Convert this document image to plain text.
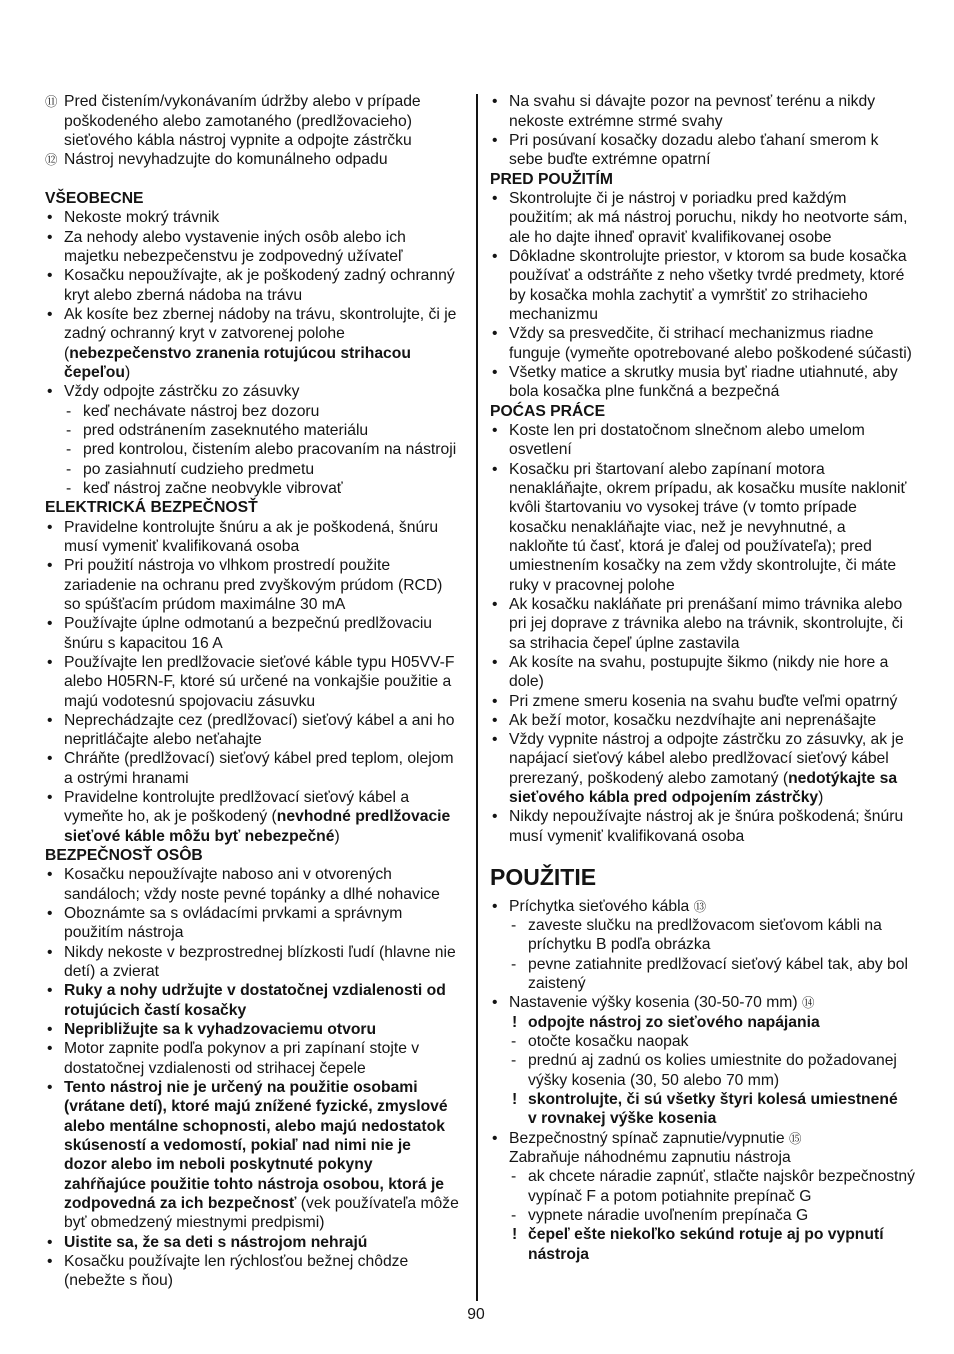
⑪ Pred čistením/vykonávaním údržby alebo v prípade
poškodeného alebo zamotaného (predlžovacieho)
sieťového kábla nástroj vypnite a odpojte zástrčku
⑫ Nástroj nevyhadzujte do komunálneho odpadu
VŠEOBECNE
• Nekoste mokrý trávnik
• Za nehody alebo vystavenie iných osôb alebo ich
majetku nebezpečenstvu je zodpovedný užívateľ
• Kosačku nepoužívajte, ak je poškodený zadný ochranný
kryt alebo zberná nádoba na trávu
• Ak kosíte bez zbernej nádoby na trávu, skontrolujte, či je
zadný ochranný kryt v zatvorenej polohe
(nebezpečenstvo zranenia rotujúcou strihacou
čepeľou)
• Vždy odpojte zástrčku zo zásuvky
- keď nechávate nástroj bez dozoru
- pred odstránením zaseknutého materiálu
- pred kontrolou, čistením alebo pracovaním na nástroji
- po zasiahnutí cudzieho predmetu
- keď nástroj začne neobvykle vibrovať
ELEKTRICKÁ BEZPEČNOSŤ
• Pravidelne kontrolujte šnúru a ak je poškodená, šnúru
musí vymeniť kvalifikovaná osoba
• Pri použití nástroja vo vlhkom prostredí použite
zariadenie na ochranu pred zvyškovým prúdom (RCD)
so spúšťacím prúdom maximálne 30 mA
• Používajte úplne odmotanú a bezpečnú predlžovaciu
šnúru s kapacitou 16 A
• Používajte len predlžovacie sieťové káble typu H05VV-F
alebo H05RN-F, ktoré sú určené na vonkajšie použitie a
majú vodotesnú spojovaciu zásuvku
• Neprechádzajte cez (predlžovací) sieťový kábel a ani ho
nepritláčajte alebo neťahajte
• Chráňte (predlžovací) sieťový kábel pred teplom, olejom
a ostrými hranami
• Pravidelne kontrolujte predlžovací sieťový kábel a
vymeňte ho, ak je poškodený (nevhodné predlžovacie
sieťové káble môžu byť nebezpečné)
BEZPEČNOSŤ OSÔB
• Kosačku nepoužívajte naboso ani v otvorených
sandáloch; vždy noste pevné topánky a dlhé nohavice
• Oboznámte sa s ovládacími prvkami a správnym
použitím nástroja
• Nikdy nekoste v bezprostrednej blízkosti ľudí (hlavne nie
detí) a zvierat
• Ruky a nohy udržujte v dostatočnej vzdialenosti od
rotujúcich častí kosačky
• Nepribližujte sa k vyhadzovaciemu otvoru
• Motor zapnite podľa pokynov a pri zapínaní stojte v
dostatočnej vzdialenosti od strihacej čepele
• Tento nástroj nie je určený na použitie osobami
(vrátane detí), ktoré majú znížené fyzické, zmyslové
alebo mentálne schopnosti, alebo majú nedostatok
skúseností a vedomostí, pokiaľ nad nimi nie je
dozor alebo im neboli poskytnuté pokyny
zahŕňajúce použitie tohto nástroja osobou, ktorá je
zodpovedná za ich bezpečnosť (vek používateľa môže
byť obmedzený miestnymi predpismi)
• Uistite sa, že sa deti s nástrojom nehrajú
• Kosačku používajte len rýchlosťou bežnej chôdze
(nebežte s ňou)
• Na svahu si dávajte pozor na pevnosť terénu a nikdy
nekoste extrémne strmé svahy
• Pri posúvaní kosačky dozadu alebo ťahaní smerom k
sebe buďte extrémne opatrní
PRED POUŽITÍM
• Skontrolujte či je nástroj v poriadku pred každým
použitím; ak má nástroj poruchu, nikdy ho neotvorte sám,
ale ho dajte ihneď opraviť kvalifikovanej osobe
• Dôkladne skontrolujte priestor, v ktorom sa bude kosačka
používať a odstráňte z neho všetky tvrdé predmety, ktoré
by kosačka mohla zachytiť a vymrštiť zo strihacieho
mechanizmu
• Vždy sa presvedčite, či strihací mechanizmus riadne
funguje (vymeňte opotrebované alebo poškodené súčasti)
• Všetky matice a skrutky musia byť riadne utiahnuté, aby
bola kosačka plne funkčná a bezpečná
POĆAS PRÁCE
• Koste len pri dostatočnom slnečnom alebo umelom
osvetlení
• Kosačku pri štartovaní alebo zapínaní motora
nenakláňajte, okrem prípadu, ak kosačku musíte nakloniť
kvôli štartovaniu vo vysokej tráve (v tomto prípade
kosačku nenakláňajte viac, než je nevyhnutné, a
nakloňte tú časť, ktorá je ďalej od používateľa); pred
umiestnením kosačky na zem vždy skontrolujte, či máte
ruky v pracovnej polohe
• Ak kosačku nakláňate pri prenášaní mimo trávnika alebo
pri jej doprave z trávnika alebo na trávnik, skontrolujte, či
sa strihacia čepeľ úplne zastavila
• Ak kosíte na svahu, postupujte šikmo (nikdy nie hore a
dole)
• Pri zmene smeru kosenia na svahu buďte veľmi opatrný
• Ak beží motor, kosačku nezdvíhajte ani neprenášajte
• Vždy vypnite nástroj a odpojte zástrčku zo zásuvky, ak je
napájací sieťový kábel alebo predlžovací sieťový kábel
prerezaný, poškodený alebo zamotaný (nedotýkajte sa
sieťového kábla pred odpojením zástrčky)
• Nikdy nepoužívajte nástroj ak je šnúra poškodená; šnúru
musí vymeniť kvalifikovaná osoba
POUŽITIE
• Príchytka sieťového kábla ⑬
- zaveste slučku na predlžovacom sieťovom kábli na
príchytku B podľa obrázka
- pevne zatiahnite predlžovací sieťový kábel tak, aby bol
zaistený
• Nastavenie výšky kosenia (30-50-70 mm) ⑭
! odpojte nástroj zo sieťového napájania
- otočte kosačku naopak
- prednú aj zadnú os kolies umiestnite do požadovanej
výšky kosenia (30, 50 alebo 70 mm)
! skontrolujte, či sú všetky štyri kolesá umiestnené
v rovnakej výške kosenia
• Bezpečnostný spínač zapnutie/vypnutie ⑮
Zabraňuje náhodnému zapnutiu nástroja
- ak chcete náradie zapnúť, stlačte najskôr bezpečnostný
vypínač F a potom potiahnite prepínač G
- vypnete náradie uvoľnením prepínača G
! čepeľ ešte niekoľko sekúnd rotuje aj po vypnutí
nástroja
90
